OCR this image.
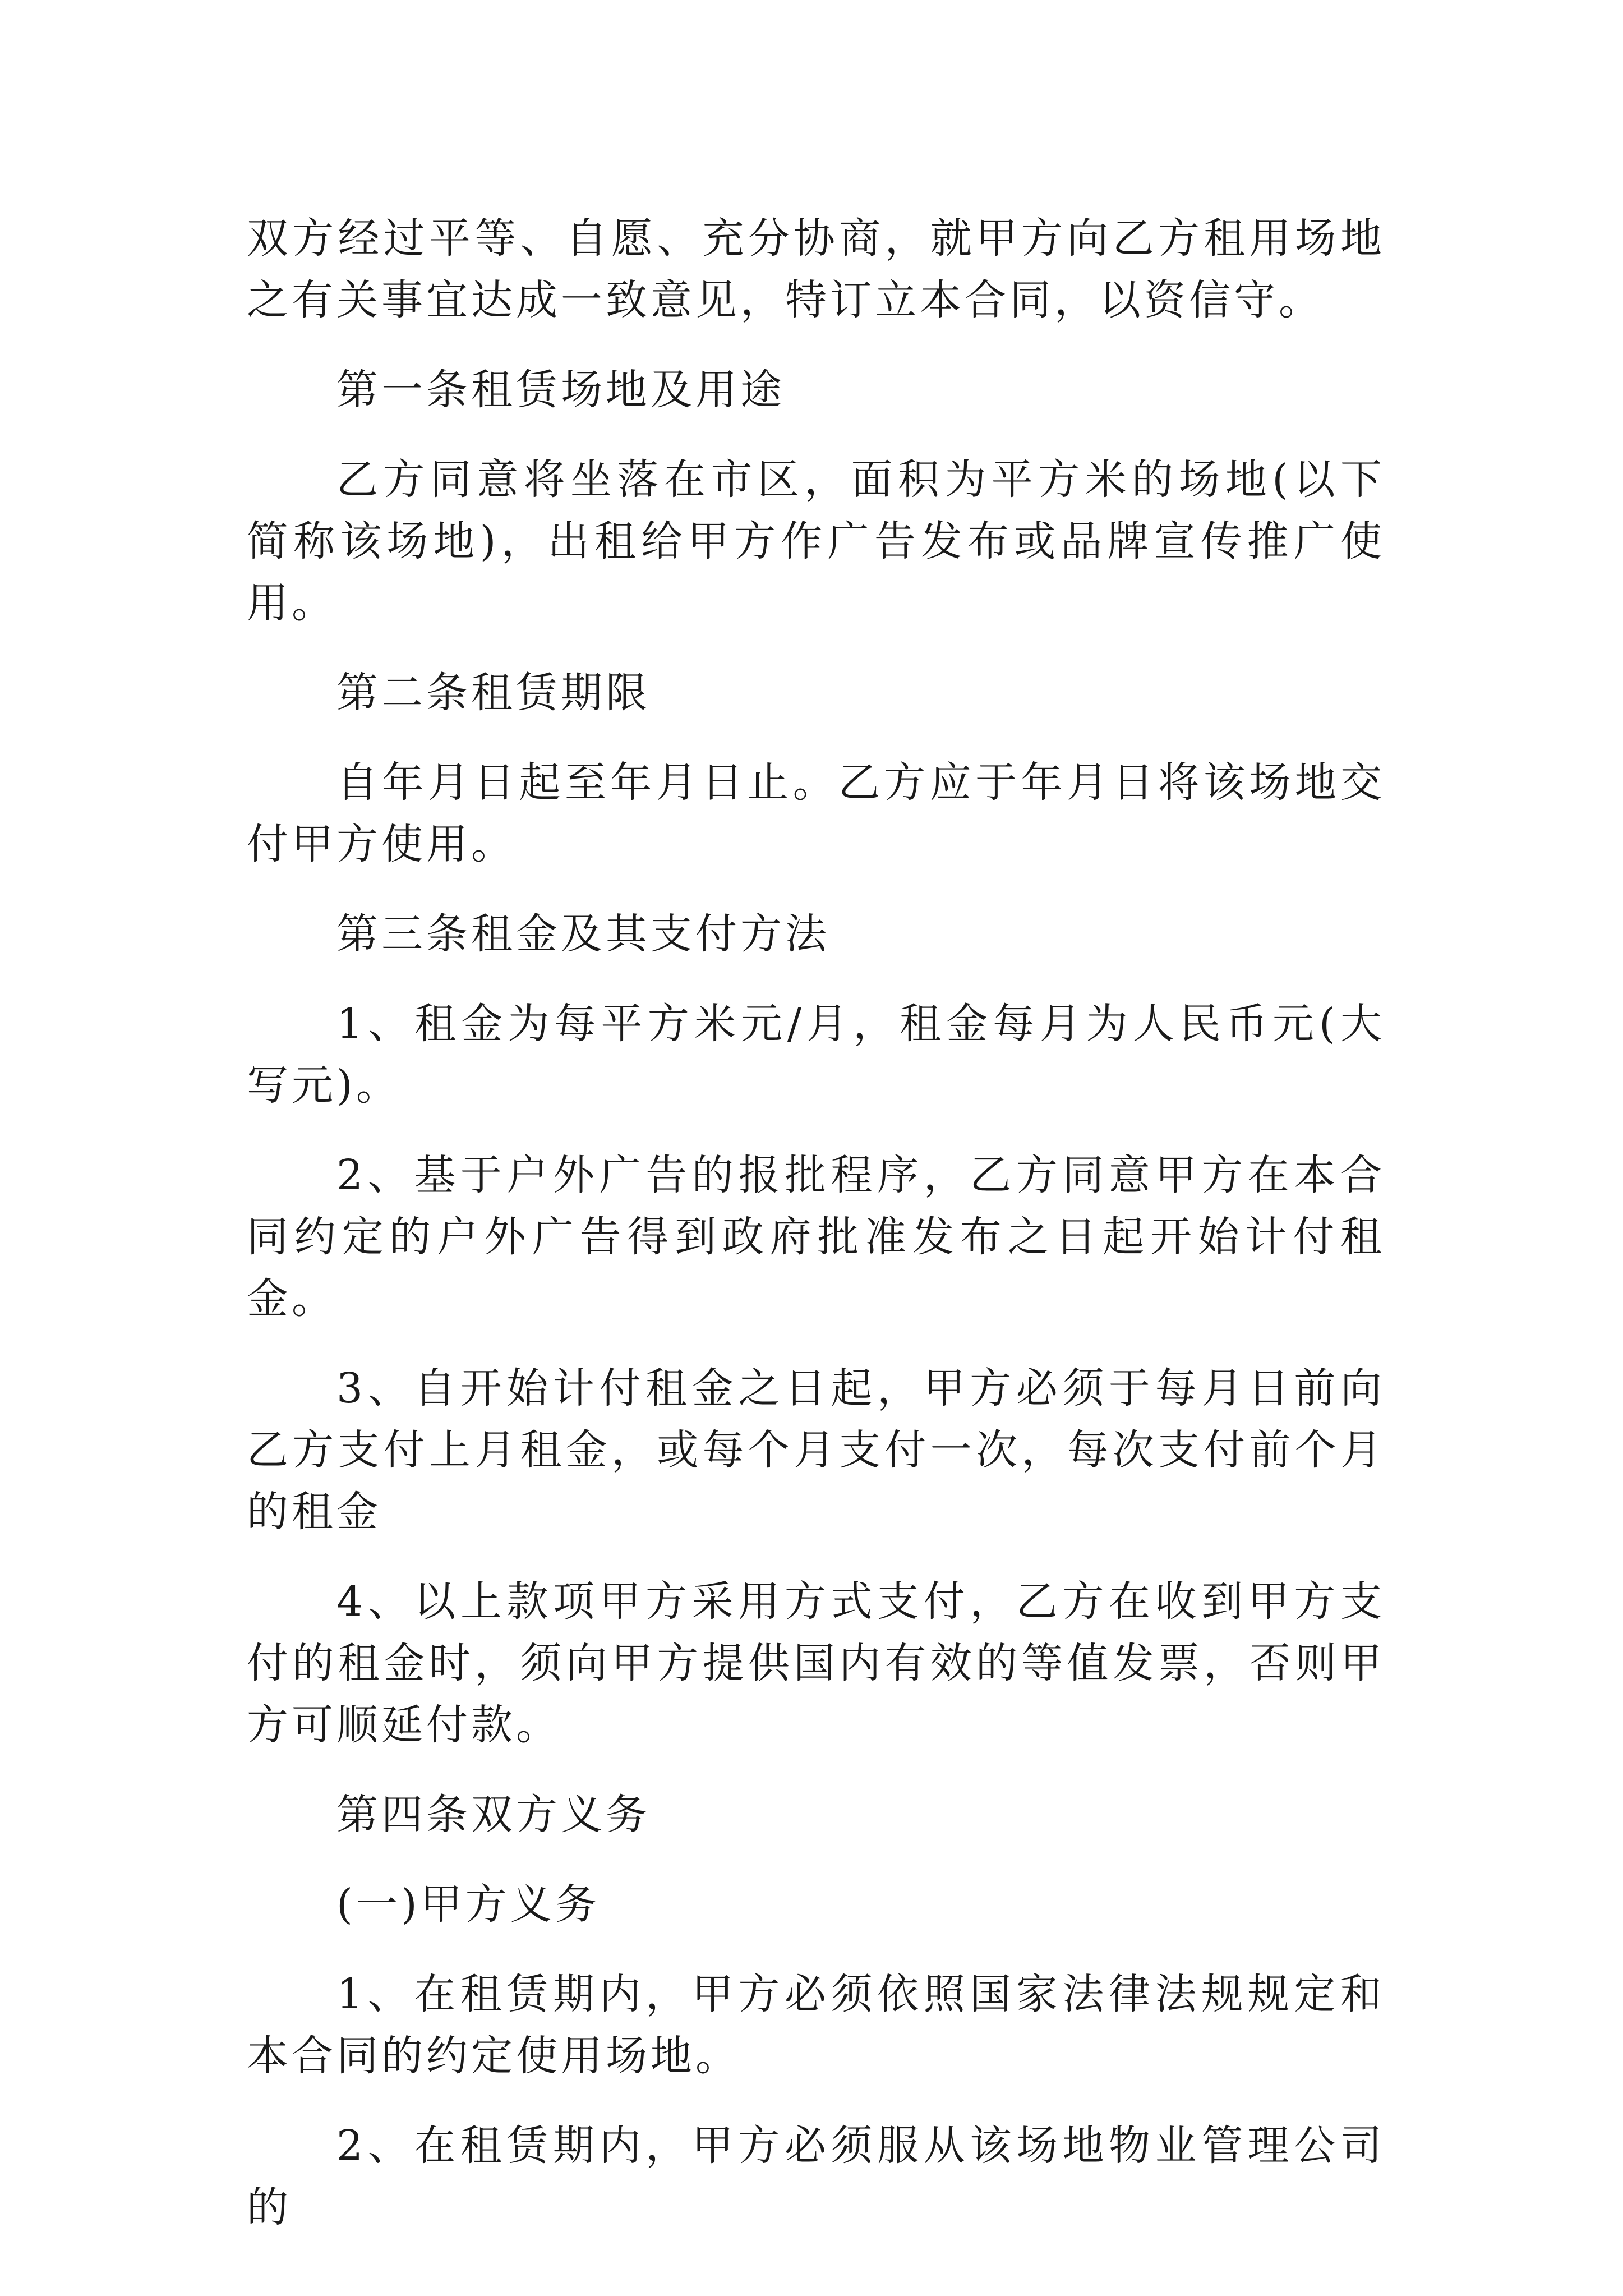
双方经过平等、自愿、充分协商，就甲方向乙方租用场地之有关事宜达成一致意见，特订立本合同，以资信守。

第一条租赁场地及用途

乙方同意将坐落在市区，面积为平方米的场地(以下简称该场地)，出租给甲方作广告发布或品牌宣传推广使用。

第二条租赁期限

自年月日起至年月日止。乙方应于年月日将该场地交付甲方使用。

第三条租金及其支付方法

1、租金为每平方米元/月，租金每月为人民币元(大写元)。

2、基于户外广告的报批程序，乙方同意甲方在本合同约定的户外广告得到政府批准发布之日起开始计付租金。

3、自开始计付租金之日起，甲方必须于每月日前向乙方支付上月租金，或每个月支付一次，每次支付前个月的租金

4、以上款项甲方采用方式支付，乙方在收到甲方支付的租金时，须向甲方提供国内有效的等值发票，否则甲方可顺延付款。

第四条双方义务

(一)甲方义务

1、在租赁期内，甲方必须依照国家法律法规规定和本合同的约定使用场地。

2、在租赁期内，甲方必须服从该场地物业管理公司的
